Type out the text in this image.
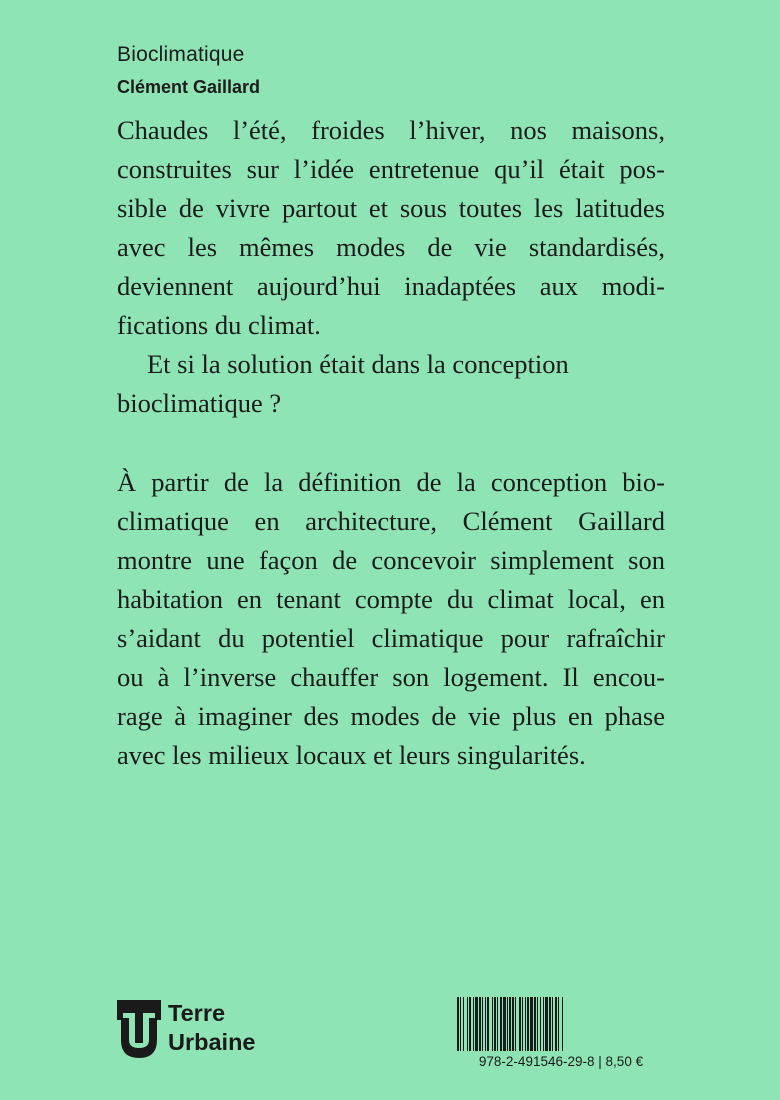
Bioclimatique
Clément Gaillard
Chaudes l’été, froides l’hiver, nos maisons,
construites sur l’idée entretenue qu’il était pos-
sible de vivre partout et sous toutes les latitudes
avec les mêmes modes de vie standardisés,
deviennent aujourd’hui inadaptées aux modi-
fications du climat.
Et si la solution était dans la conception
bioclimatique ?
À partir de la définition de la conception bio-
climatique en architecture, Clément Gaillard
montre une façon de concevoir simplement son
habitation en tenant compte du climat local, en
s’aidant du potentiel climatique pour rafraîchir
ou à l’inverse chauffer son logement. Il encou-
rage à imaginer des modes de vie plus en phase
avec les milieux locaux et leurs singularités.
Terre
Urbaine
978-2-491546-29-8 | 8,50 €
